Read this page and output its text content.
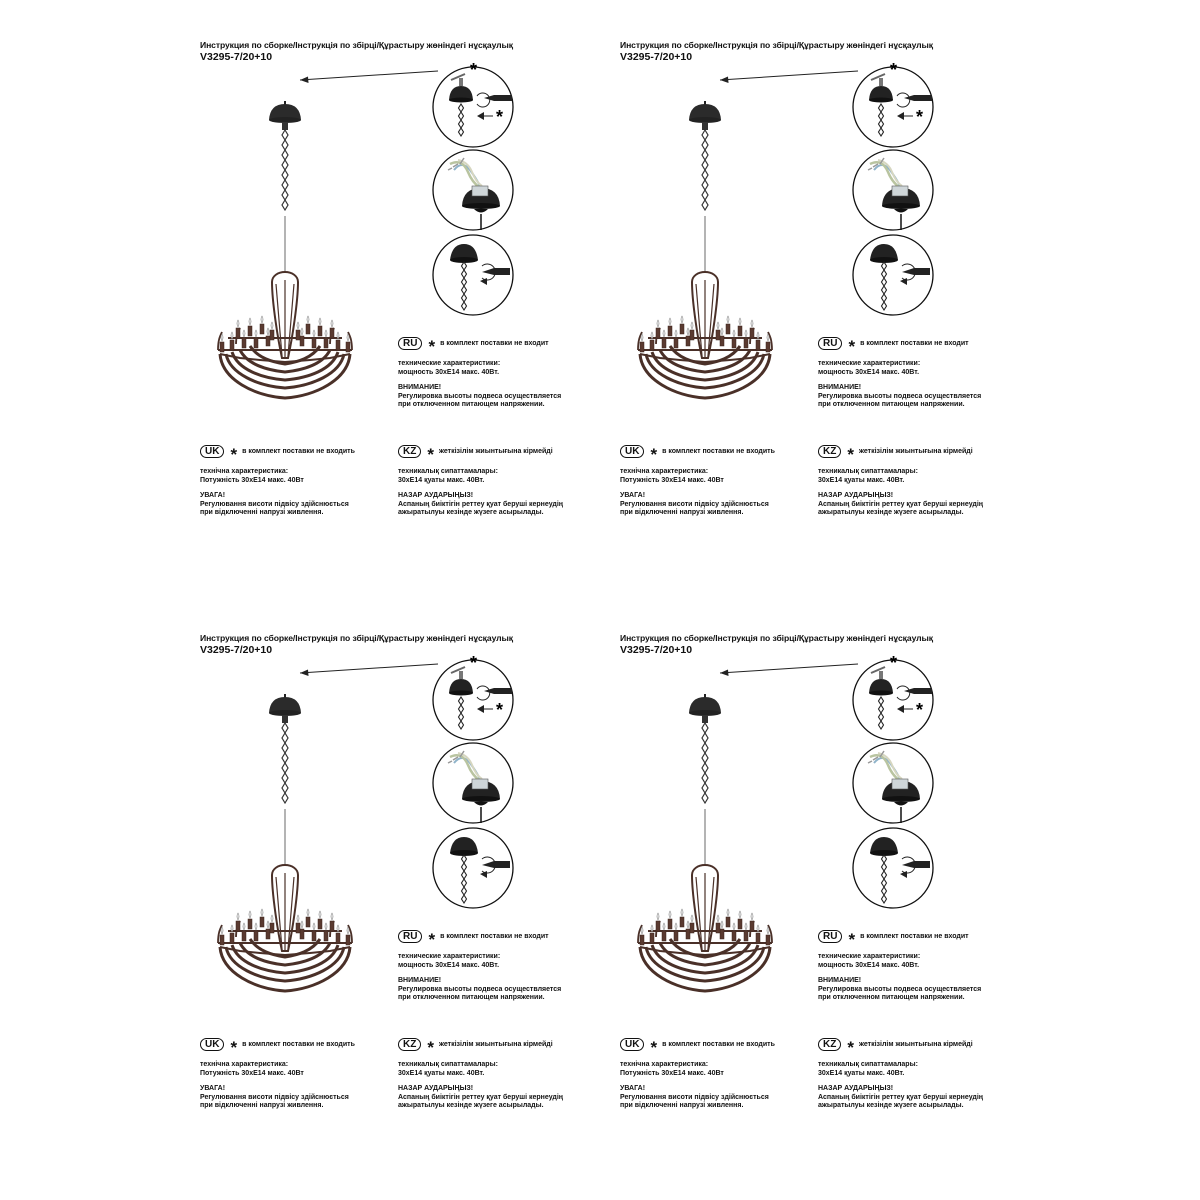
*
*
Инструкция по сборке/Інструкція по збірці/Құрастыру жөніндегі нұсқаулық
V3295-7/20+10
RU * в комплект поставки не входит

технические характеристики:

мощность 30xE14 макс. 40Вт.

ВНИМАНИЕ!

Регулировка высоты подвеса осуществляется

при отключенном питающем напряжении.

UK * в комплект поставки не входить

технічна характеристика:

Потужність 30xE14 макс. 40Вт

УВАГА!

Регулювання висоти підвісу здійснюється

при відключенні напрузі живлення.

KZ * жеткізілім жиынтығына кірмейді

техникалық сипаттамалары:

30xE14 қуаты макс. 40Вт.

НАЗАР АУДАРЫҢЫЗ!

Аспаның биіктігін реттеу қуат беруші кернеудің

ажыратылуы кезінде жүзеге асырылады.

*
*
Инструкция по сборке/Інструкція по збірці/Құрастыру жөніндегі нұсқаулық
V3295-7/20+10
RU * в комплект поставки не входит

технические характеристики:

мощность 30xE14 макс. 40Вт.

ВНИМАНИЕ!

Регулировка высоты подвеса осуществляется

при отключенном питающем напряжении.

UK * в комплект поставки не входить

технічна характеристика:

Потужність 30xE14 макс. 40Вт

УВАГА!

Регулювання висоти підвісу здійснюється

при відключенні напрузі живлення.

KZ * жеткізілім жиынтығына кірмейді

техникалық сипаттамалары:

30xE14 қуаты макс. 40Вт.

НАЗАР АУДАРЫҢЫЗ!

Аспаның биіктігін реттеу қуат беруші кернеудің

ажыратылуы кезінде жүзеге асырылады.

*
*
Инструкция по сборке/Інструкція по збірці/Құрастыру жөніндегі нұсқаулық
V3295-7/20+10
RU * в комплект поставки не входит

технические характеристики:

мощность 30xE14 макс. 40Вт.

ВНИМАНИЕ!

Регулировка высоты подвеса осуществляется

при отключенном питающем напряжении.

UK * в комплект поставки не входить

технічна характеристика:

Потужність 30xE14 макс. 40Вт

УВАГА!

Регулювання висоти підвісу здійснюється

при відключенні напрузі живлення.

KZ * жеткізілім жиынтығына кірмейді

техникалық сипаттамалары:

30xE14 қуаты макс. 40Вт.

НАЗАР АУДАРЫҢЫЗ!

Аспаның биіктігін реттеу қуат беруші кернеудің

ажыратылуы кезінде жүзеге асырылады.

*
*
Инструкция по сборке/Інструкція по збірці/Құрастыру жөніндегі нұсқаулық
V3295-7/20+10
RU * в комплект поставки не входит

технические характеристики:

мощность 30xE14 макс. 40Вт.

ВНИМАНИЕ!

Регулировка высоты подвеса осуществляется

при отключенном питающем напряжении.

UK * в комплект поставки не входить

технічна характеристика:

Потужність 30xE14 макс. 40Вт

УВАГА!

Регулювання висоти підвісу здійснюється

при відключенні напрузі живлення.

KZ * жеткізілім жиынтығына кірмейді

техникалық сипаттамалары:

30xE14 қуаты макс. 40Вт.

НАЗАР АУДАРЫҢЫЗ!

Аспаның биіктігін реттеу қуат беруші кернеудің

ажыратылуы кезінде жүзеге асырылады.
